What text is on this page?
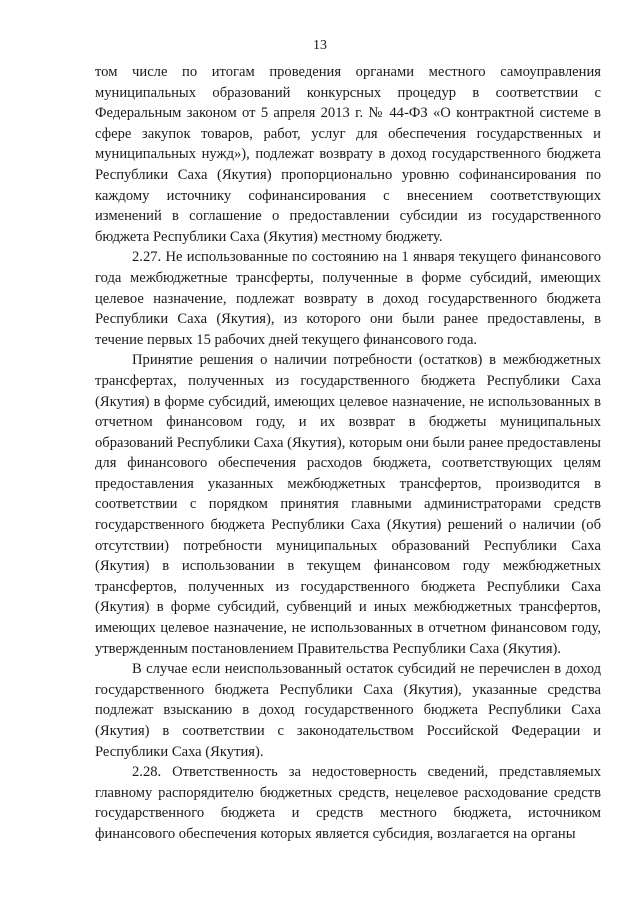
13

том числе по итогам проведения органами местного самоуправления муниципальных образований конкурсных процедур в соответствии с Федеральным законом от 5 апреля 2013 г. № 44-ФЗ «О контрактной системе в сфере закупок товаров, работ, услуг для обеспечения государственных и муниципальных нужд»), подлежат возврату в доход государственного бюджета Республики Саха (Якутия) пропорционально уровню софинансирования по каждому источнику софинансирования с внесением соответствующих изменений в соглашение о предоставлении субсидии из государственного бюджета Республики Саха (Якутия) местному бюджету.

2.27. Не использованные по состоянию на 1 января текущего финансового года межбюджетные трансферты, полученные в форме субсидий, имеющих целевое назначение, подлежат возврату в доход государственного бюджета Республики Саха (Якутия), из которого они были ранее предоставлены, в течение первых 15 рабочих дней текущего финансового года.

Принятие решения о наличии потребности (остатков) в межбюджетных трансфертах, полученных из государственного бюджета Республики Саха (Якутия) в форме субсидий, имеющих целевое назначение, не использованных в отчетном финансовом году, и их возврат в бюджеты муниципальных образований Республики Саха (Якутия), которым они были ранее предоставлены для финансового обеспечения расходов бюджета, соответствующих целям предоставления указанных межбюджетных трансфертов, производится в соответствии с порядком принятия главными администраторами средств государственного бюджета Республики Саха (Якутия) решений о наличии (об отсутствии) потребности муниципальных образований Республики Саха (Якутия) в использовании в текущем финансовом году межбюджетных трансфертов, полученных из государственного бюджета Республики Саха (Якутия) в форме субсидий, субвенций и иных межбюджетных трансфертов, имеющих целевое назначение, не использованных в отчетном финансовом году, утвержденным постановлением Правительства Республики Саха (Якутия).

В случае если неиспользованный остаток субсидий не перечислен в доход государственного бюджета Республики Саха (Якутия), указанные средства подлежат взысканию в доход государственного бюджета Республики Саха (Якутия) в соответствии с законодательством Российской Федерации и Республики Саха (Якутия).

2.28. Ответственность за недостоверность сведений, представляемых главному распорядителю бюджетных средств, нецелевое расходование средств государственного бюджета и средств местного бюджета, источником финансового обеспечения которых является субсидия, возлагается на органы
